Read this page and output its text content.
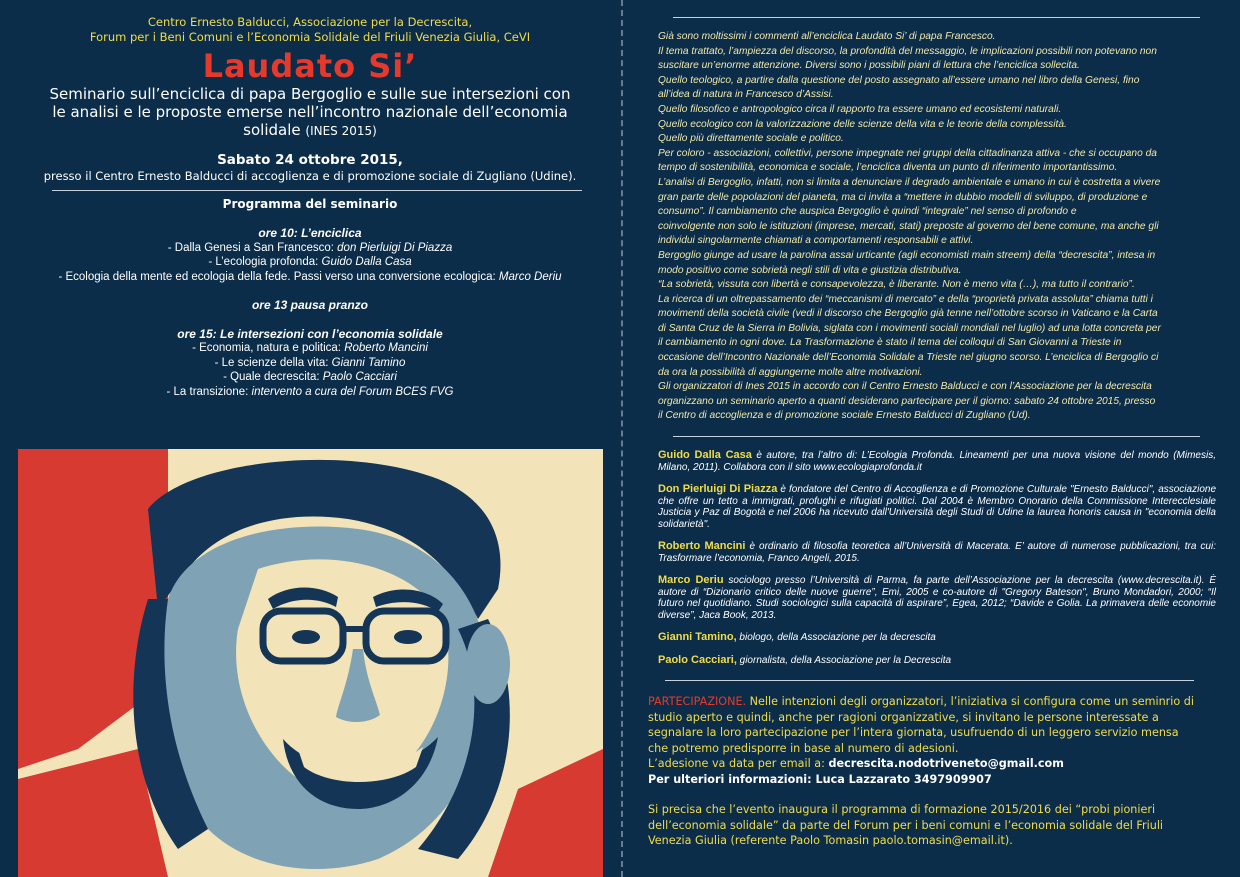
Centro Ernesto Balducci, Associazione per la Decrescita,
Forum per i Beni Comuni e l’Economia Solidale del Friuli Venezia Giulia, CeVI
Laudato Si’
Seminario sull’enciclica di papa Bergoglio e sulle sue intersezioni con
le analisi e le proposte emerse nell’incontro nazionale dell’economia
solidale (INES 2015)
Sabato 24 ottobre 2015,
presso il Centro Ernesto Balducci di accoglienza e di promozione sociale di Zugliano (Udine).
Programma del seminario
ore 10: L’enciclica
- Dalla Genesi a San Francesco: don Pierluigi Di Piazza
- L’ecologia profonda: Guido Dalla Casa
- Ecologia della mente ed ecologia della fede. Passi verso una conversione ecologica: Marco Deriu
ore 13 pausa pranzo
ore 15: Le intersezioni con l’economia solidale
- Economia, natura e politica: Roberto Mancini
- Le scienze della vita: Gianni Tamino
- Quale decrescita: Paolo Cacciari
- La transizione: intervento a cura del Forum BCES FVG
Già sono moltissimi i commenti all’enciclica Laudato Si’ di papa Francesco.
Il tema trattato, l’ampiezza del discorso, la profondità del messaggio, le implicazioni possibili non potevano non
suscitare un’enorme attenzione. Diversi sono i possibili piani di lettura che l’enciclica sollecita.
Quello teologico, a partire dalla questione del posto assegnato all’essere umano nel libro della Genesi, fino
all’idea di natura in Francesco d’Assisi.
Quello filosofico e antropologico circa il rapporto tra essere umano ed ecosistemi naturali.
Quello ecologico con la valorizzazione delle scienze della vita e le teorie della complessità.
Quello più direttamente sociale e politico.
Per coloro - associazioni, collettivi, persone impegnate nei gruppi della cittadinanza attiva - che si occupano da
tempo di sostenibilità, economica e sociale, l’enciclica diventa un punto di riferimento importantissimo.
L’analisi di Bergoglio, infatti, non si limita a denunciare il degrado ambientale e umano in cui è costretta a vivere
gran parte delle popolazioni del pianeta, ma ci invita a “mettere in dubbio modelli di sviluppo, di produzione e
consumo”. Il cambiamento che auspica Bergoglio è quindi “integrale” nel senso di profondo e
coinvolgente non solo le istituzioni (imprese, mercati, stati) preposte al governo del bene comune, ma anche gli
individui singolarmente chiamati a comportamenti responsabili e attivi.
Bergoglio giunge ad usare la parolina assai urticante (agli economisti main streem) della “decrescita”, intesa in
modo positivo come sobrietà negli stili di vita e giustizia distributiva.
“La sobrietà, vissuta con libertà e consapevolezza, è liberante. Non è meno vita (…), ma tutto il contrario”.
La ricerca di un oltrepassamento dei “meccanismi di mercato” e della “proprietà privata assoluta” chiama tutti i
movimenti della società civile (vedi il discorso che Bergoglio già tenne nell’ottobre scorso in Vaticano e la Carta
di Santa Cruz de la Sierra in Bolivia, siglata con i movimenti sociali mondiali nel luglio) ad una lotta concreta per
il cambiamento in ogni dove. La Trasformazione è stato il tema dei colloqui di San Giovanni a Trieste in
occasione dell’Incontro Nazionale dell’Economia Solidale a Trieste nel giugno scorso. L’enciclica di Bergoglio ci
da ora la possibilità di aggiungerne molte altre motivazioni.
Gli organizzatori di Ines 2015 in accordo con il Centro Ernesto Balducci e con l’Associazione per la decrescita
organizzano un seminario aperto a quanti desiderano partecipare per il giorno: sabato 24 ottobre 2015, presso
il Centro di accoglienza e di promozione sociale Ernesto Balducci di Zugliano (Ud).
Guido Dalla Casa è autore, tra l’altro di: L’Ecologia Profonda. Lineamenti per una nuova visione del mondo (Mimesis, Milano, 2011). Collabora con il sito www.ecologiaprofonda.it
Don Pierluigi Di Piazza è fondatore del Centro di Accoglienza e di Promozione Culturale "Ernesto Balducci", associazione che offre un tetto a immigrati, profughi e rifugiati politici. Dal 2004 è Membro Onorario della Commissione Interecclesiale Justicia y Paz di Bogotà e nel 2006 ha ricevuto dall'Università degli Studi di Udine la laurea honoris causa in "economia della solidarietà".
Roberto Mancini è ordinario di filosofia teoretica all’Università di Macerata. E’ autore di numerose pubblicazioni, tra cui: Trasformare l’economia, Franco Angeli, 2015.
Marco Deriu sociologo presso l’Università di Parma, fa parte dell’Associazione per la decrescita (www.decrescita.it). È autore di “Dizionario critico delle nuove guerre”, Emi, 2005 e co-autore di "Gregory Bateson", Bruno Mondadori, 2000; “Il futuro nel quotidiano. Studi sociologici sulla capacità di aspirare”, Egea, 2012; “Davide e Golia. La primavera delle economie diverse”, Jaca Book, 2013.
Gianni Tamino, biologo, della Associazione per la decrescita
Paolo Cacciari, giornalista, della Associazione per la Decrescita
PARTECIPAZIONE. Nelle intenzioni degli organizzatori, l’iniziativa si configura come un seminrio di studio aperto e quindi, anche per ragioni organizzative, si invitano le persone interessate a segnalare la loro partecipazione per l’intera giornata, usufruendo di un leggero servizio mensa che potremo predisporre in base al numero di adesioni.
L’adesione va data per email a: decrescita.nodotriveneto@gmail.com
Per ulteriori informazioni: Luca Lazzarato 3497909907
Si precisa che l’evento inaugura il programma di formazione 2015/2016 dei “probi pionieri dell’economia solidale” da parte del Forum per i beni comuni e l’economia solidale del Friuli Venezia Giulia (referente Paolo Tomasin paolo.tomasin@email.it).
